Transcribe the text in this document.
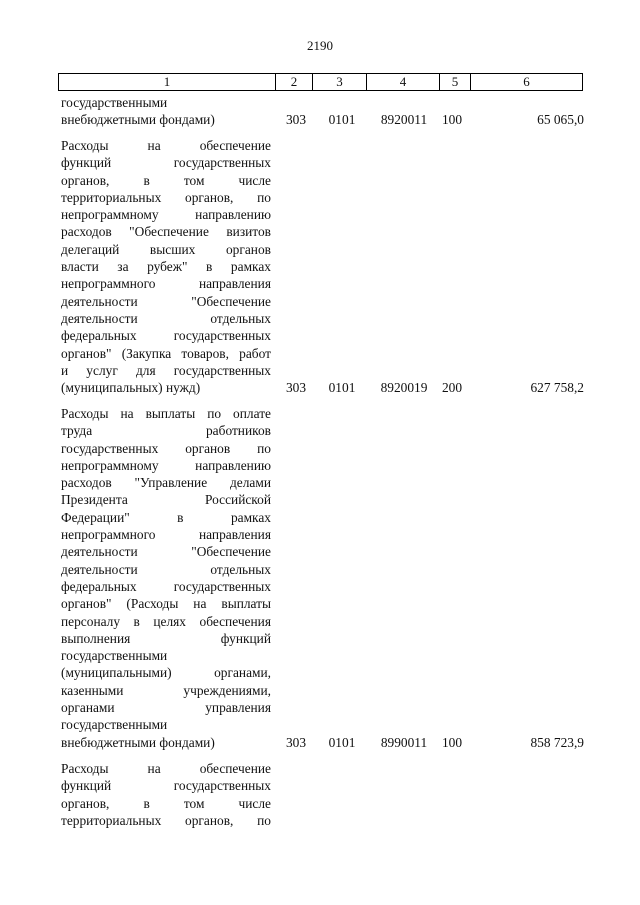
2190
1	2	3	4	5	6
государственными
внебюджетными фондами)	303 0101	8920011	100	65 065,0
Расходы на обеспечение
функций государственных
органов, в том числе
территориальных органов, по
непрограммному направлению
расходов "Обеспечение визитов
делегаций высших органов
власти за рубеж" в рамках
непрограммного направления
деятельности "Обеспечение
деятельности отдельных
федеральных государственных
органов" (Закупка товаров, работ
и услуг для государственных
(муниципальных) нужд)	303 0101	8920019	200	627 758,2
Расходы на выплаты по оплате
труда работников
государственных органов по
непрограммному направлению
расходов "Управление делами
Президента Российской
Федерации" в рамках
непрограммного направления
деятельности "Обеспечение
деятельности отдельных
федеральных государственных
органов" (Расходы на выплаты
персоналу в целях обеспечения
выполнения функций
государственными
(муниципальными) органами,
казенными учреждениями,
органами управления
государственными
внебюджетными фондами)	303 0101	8990011	100	858 723,9
Расходы на обеспечение
функций государственных
органов, в том числе
территориальных органов, по
